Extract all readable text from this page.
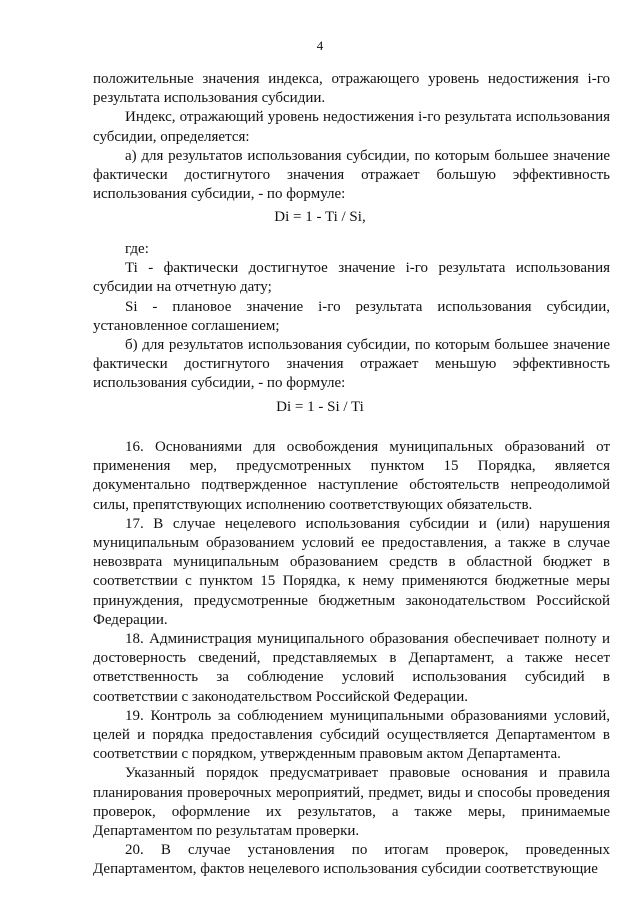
4

положительные значения индекса, отражающего уровень недостижения i-го результата использования субсидии.

Индекс, отражающий уровень недостижения i-го результата использования субсидии, определяется:

а) для результатов использования субсидии, по которым большее значение фактически достигнутого значения отражает большую эффективность использования субсидии, - по формуле:

Di = 1 - Ti / Si,

где:

Ti - фактически достигнутое значение i-го результата использования субсидии на отчетную дату;

Si - плановое значение i-го результата использования субсидии, установленное соглашением;

б) для результатов использования субсидии, по которым большее значение фактически достигнутого значения отражает меньшую эффективность использования субсидии, - по формуле:

Di = 1 - Si / Ti

16. Основаниями для освобождения муниципальных образований от применения мер, предусмотренных пунктом 15 Порядка, является документально подтвержденное наступление обстоятельств непреодолимой силы, препятствующих исполнению соответствующих обязательств.

17. В случае нецелевого использования субсидии и (или) нарушения муниципальным образованием условий ее предоставления, а также в случае невозврата муниципальным образованием средств в областной бюджет в соответствии с пунктом 15 Порядка, к нему применяются бюджетные меры принуждения, предусмотренные бюджетным законодательством Российской Федерации.

18. Администрация муниципального образования обеспечивает полноту и достоверность сведений, представляемых в Департамент, а также несет ответственность за соблюдение условий использования субсидий в соответствии с законодательством Российской Федерации.

19. Контроль за соблюдением муниципальными образованиями условий, целей и порядка предоставления субсидий осуществляется Департаментом в соответствии с порядком, утвержденным правовым актом Департамента.

Указанный порядок предусматривает правовые основания и правила планирования проверочных мероприятий, предмет, виды и способы проведения проверок, оформление их результатов, а также меры, принимаемые Департаментом по результатам проверки.

20. В случае установления по итогам проверок, проведенных Департаментом, фактов нецелевого использования субсидии соответствующие
